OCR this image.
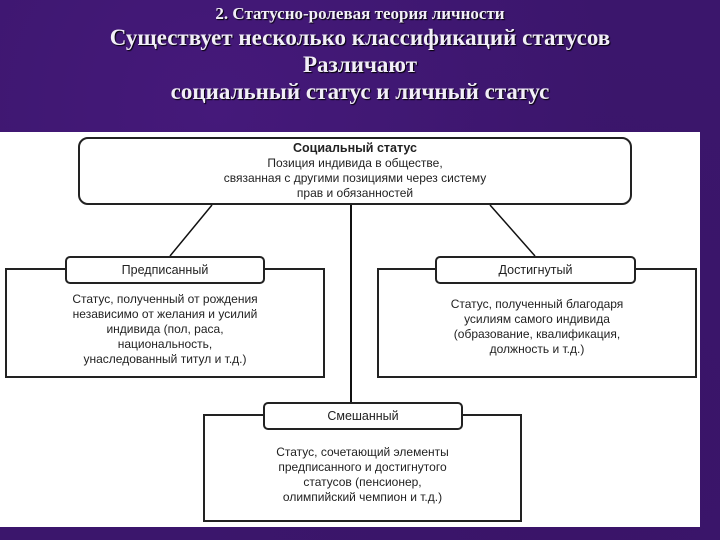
2. Статусно-ролевая теория личности
Существует несколько классификаций статусов
Различают
социальный статус и личный статус
Социальный статус
Позиция индивида в обществе,
связанная с другими позициями через систему
прав и обязанностей
Статус, полученный от рождения
независимо от желания и усилий
индивида (пол, раса,
национальность,
унаследованный титул и т.д.)
Предписанный
Статус, полученный благодаря
усилиям самого индивида
(образование, квалификация,
должность и т.д.)
Достигнутый
Статус, сочетающий элементы
предписанного и достигнутого
статусов (пенсионер,
олимпийский чемпион и т.д.)
Смешанный
